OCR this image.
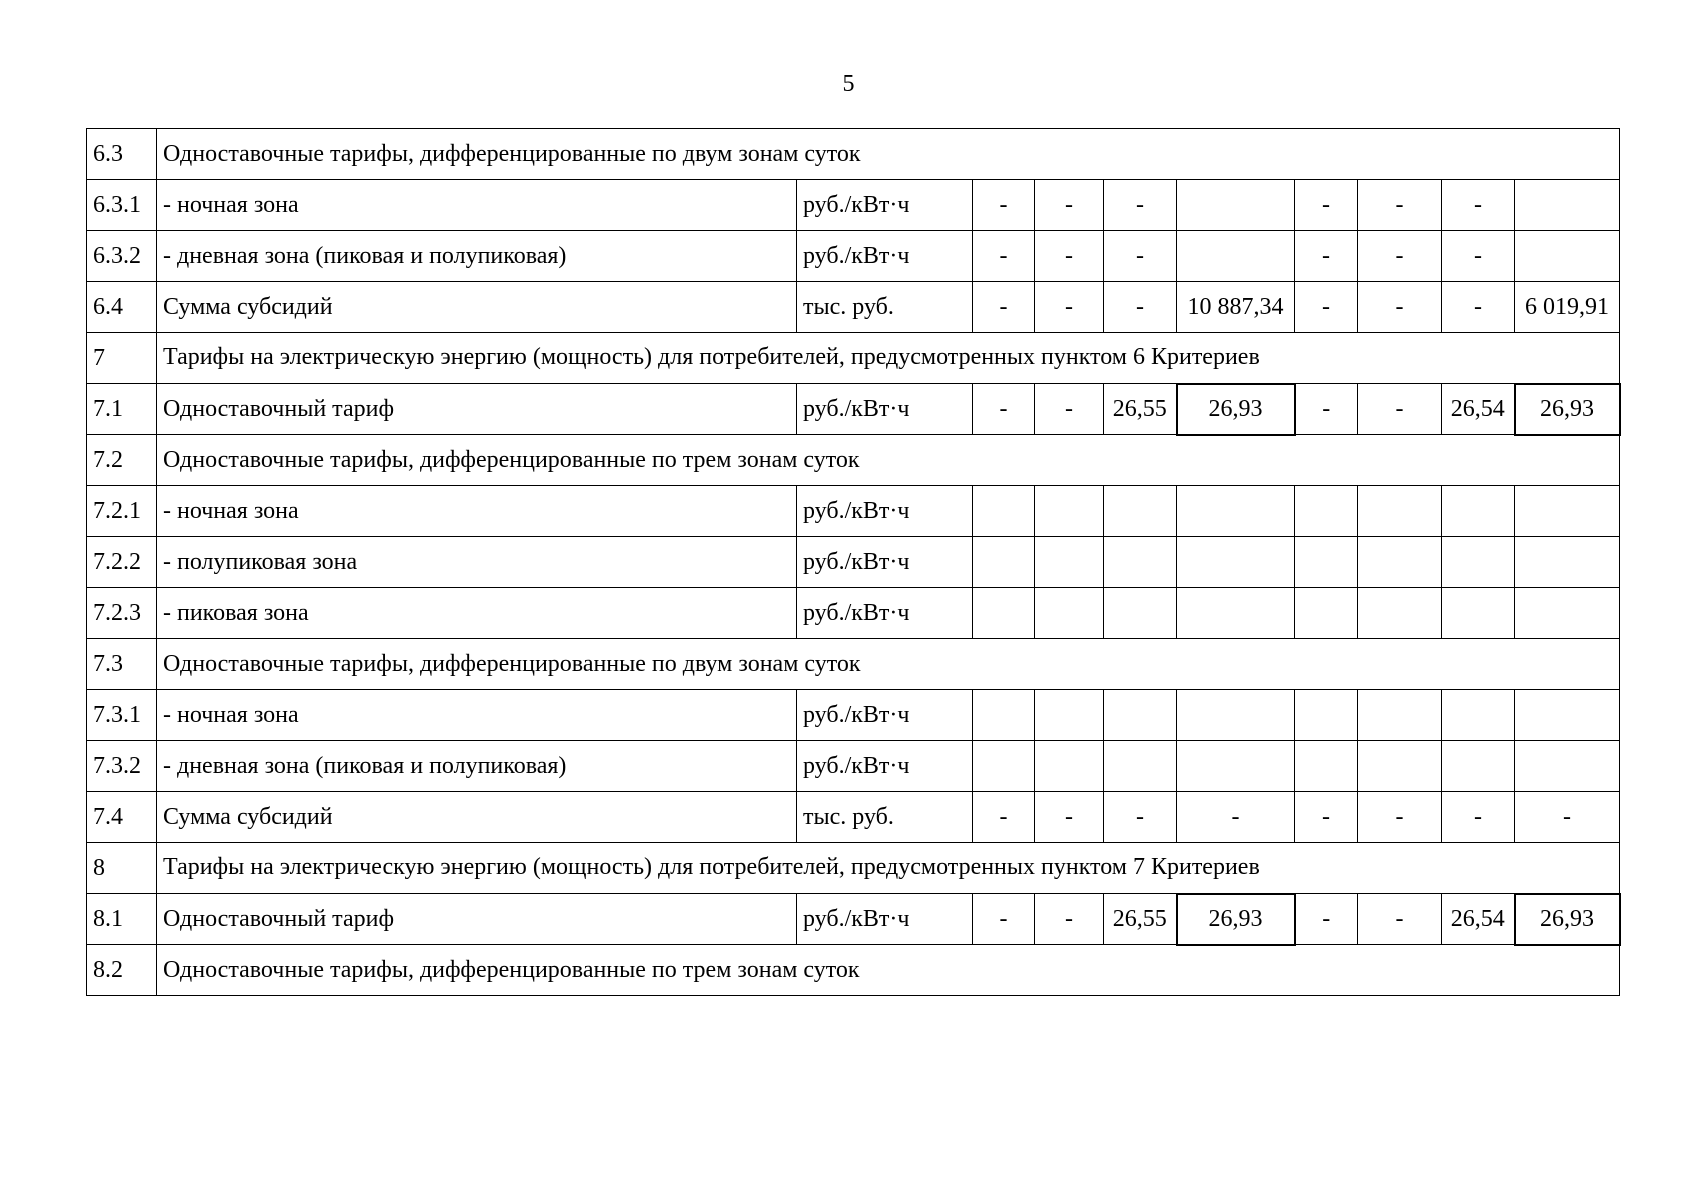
5
6.3	Одноставочные тарифы, дифференцированные по двум зонам суток									
6.3.1	- ночная зона	руб./кВт·ч	-	-	-		-	-	-	
6.3.2	- дневная зона (пиковая и полупиковая)	руб./кВт·ч	-	-	-		-	-	-	
6.4	Сумма субсидий	тыс. руб.	-	-	-	10 887,34	-	-	-	6 019,91
7	Тарифы на электрическую энергию (мощность) для потребителей, предусмотренных пунктом 6 Критериев									
7.1	Одноставочный тариф	руб./кВт·ч	-	-	26,55	26,93	-	-	26,54	26,93
7.2	Одноставочные тарифы, дифференцированные по трем зонам суток									
7.2.1	- ночная зона	руб./кВт·ч								
7.2.2	- полупиковая зона	руб./кВт·ч								
7.2.3	- пиковая зона	руб./кВт·ч								
7.3	Одноставочные тарифы, дифференцированные по двум зонам суток									
7.3.1	- ночная зона	руб./кВт·ч								
7.3.2	- дневная зона (пиковая и полупиковая)	руб./кВт·ч								
7.4	Сумма субсидий	тыс. руб.	-	-	-	-	-	-	-	-
8	Тарифы на электрическую энергию (мощность) для потребителей, предусмотренных пунктом 7 Критериев									
8.1	Одноставочный тариф	руб./кВт·ч	-	-	26,55	26,93	-	-	26,54	26,93
8.2	Одноставочные тарифы, дифференцированные по трем зонам суток									
